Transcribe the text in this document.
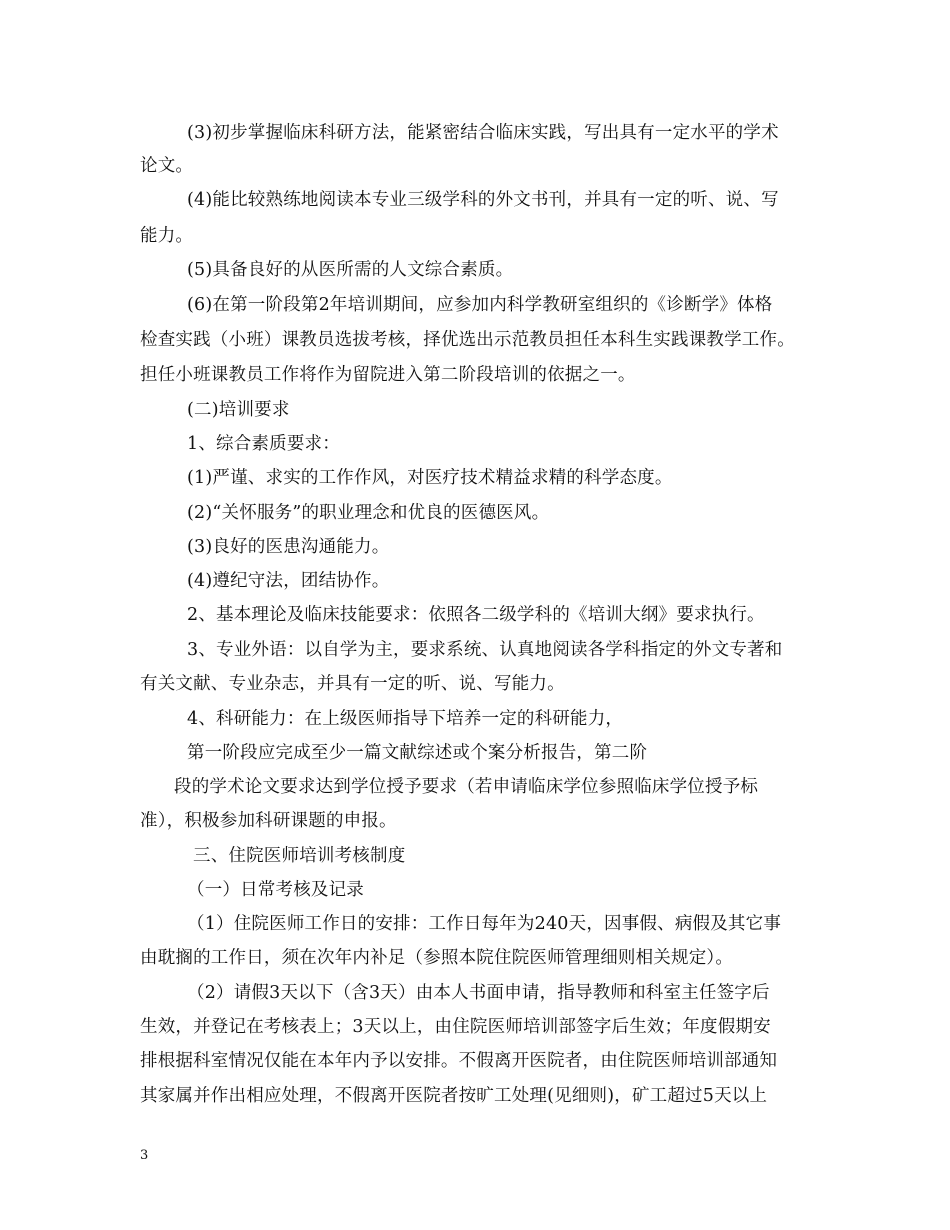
(3)初步掌握临床科研方法，能紧密结合临床实践，写出具有一定水平的学术
论文。
(4)能比较熟练地阅读本专业三级学科的外文书刊，并具有一定的听、说、写
能力。
(5)具备良好的从医所需的人文综合素质。
(6)在第一阶段第2年培训期间，应参加内科学教研室组织的《诊断学》体格
检查实践（小班）课教员选拔考核，择优选出示范教员担任本科生实践课教学工作。
担任小班课教员工作将作为留院进入第二阶段培训的依据之一。
(二)培训要求
1、综合素质要求：
(1)严谨、求实的工作作风，对医疗技术精益求精的科学态度。
(2)“关怀服务”的职业理念和优良的医德医风。
(3)良好的医患沟通能力。
(4)遵纪守法，团结协作。
2、基本理论及临床技能要求：依照各二级学科的《培训大纲》要求执行。
3、专业外语：以自学为主，要求系统、认真地阅读各学科指定的外文专著和
有关文献、专业杂志，并具有一定的听、说、写能力。
4、科研能力：在上级医师指导下培养一定的科研能力，
第一阶段应完成至少一篇文献综述或个案分析报告，第二阶
段的学术论文要求达到学位授予要求（若申请临床学位参照临床学位授予标
准），积极参加科研课题的申报。
三、住院医师培训考核制度
（一）日常考核及记录
（1）住院医师工作日的安排：工作日每年为240天，因事假、病假及其它事
由耽搁的工作日，须在次年内补足（参照本院住院医师管理细则相关规定）。
（2）请假3天以下（含3天）由本人书面申请，指导教师和科室主任签字后
生效，并登记在考核表上；3天以上，由住院医师培训部签字后生效；年度假期安
排根据科室情况仅能在本年内予以安排。不假离开医院者，由住院医师培训部通知
其家属并作出相应处理，不假离开医院者按旷工处理(见细则)，矿工超过5天以上
3
